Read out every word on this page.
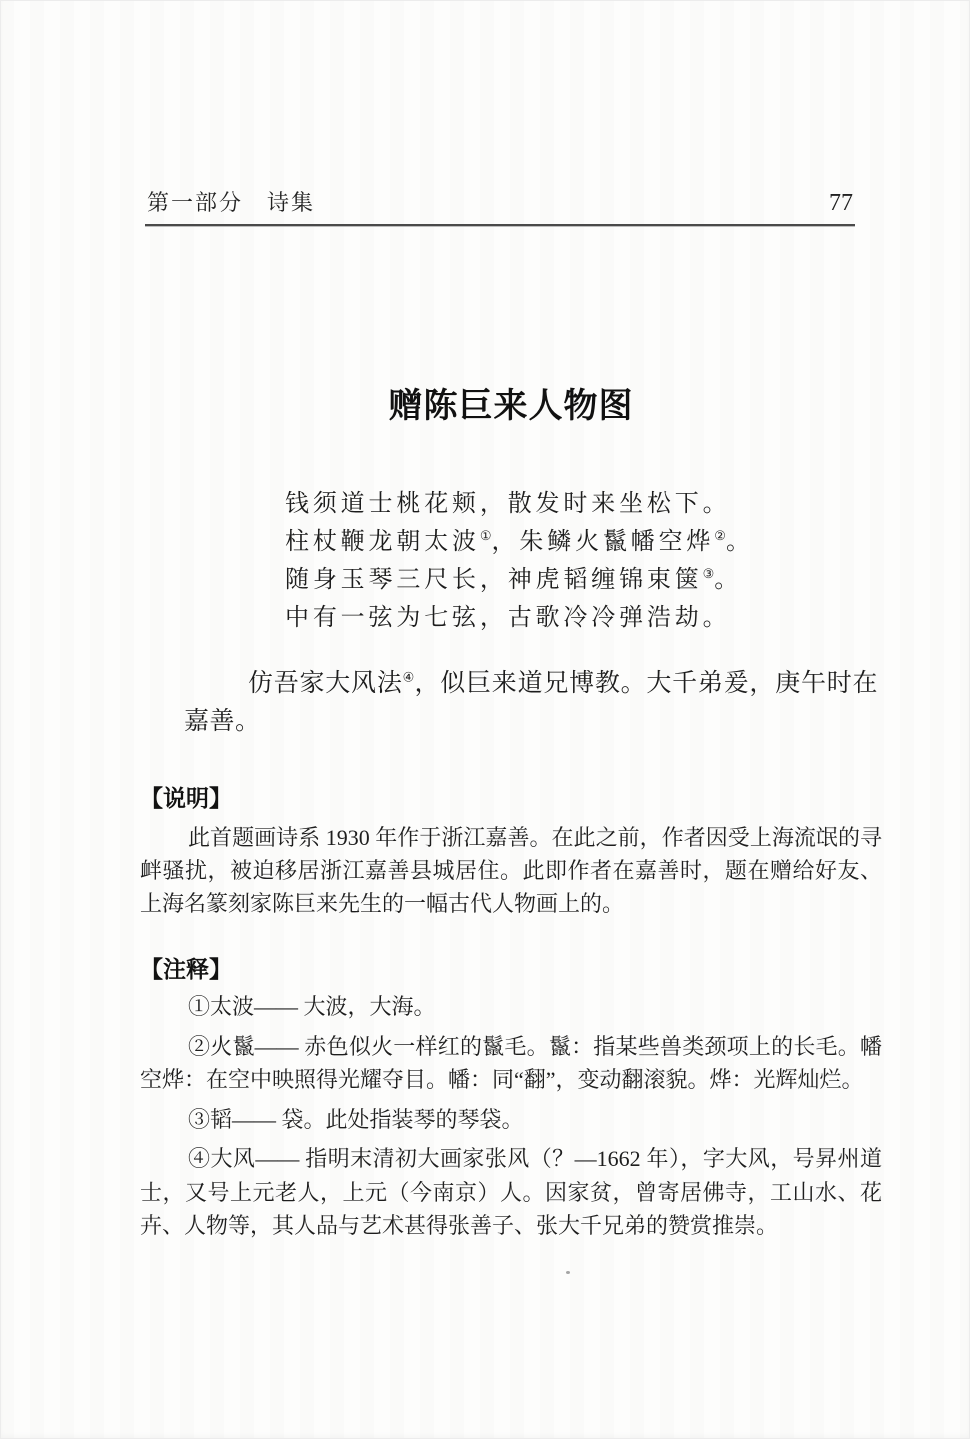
第一部分　诗集	77
赠陈巨来人物图

钱须道士桃花颊，散发时来坐松下。

柱杖鞭龙朝太波①，朱鳞火鬣幡空烨②。

随身玉琴三尺长，神虎韬缠锦束箧③。

中有一弦为七弦，古歌冷冷弹浩劫。

仿吾家大风法④，似巨来道兄博教。大千弟爰，庚午时在嘉善。

【说明】

此首题画诗系 1930 年作于浙江嘉善。在此之前，作者因受上海流氓的寻衅骚扰，被迫移居浙江嘉善县城居住。此即作者在嘉善时，题在赠给好友、上海名篆刻家陈巨来先生的一幅古代人物画上的。

【注释】

①太波—— 大波，大海。

②火鬣—— 赤色似火一样红的鬣毛。鬣：指某些兽类颈项上的长毛。幡空烨：在空中映照得光耀夺目。幡：同“翻”，变动翻滚貌。烨：光辉灿烂。

③韬—— 袋。此处指装琴的琴袋。

④大风—— 指明末清初大画家张风（？—1662 年），字大风，号昇州道士，又号上元老人，上元（今南京）人。因家贫，曾寄居佛寺，工山水、花卉、人物等，其人品与艺术甚得张善子、张大千兄弟的赞赏推崇。
